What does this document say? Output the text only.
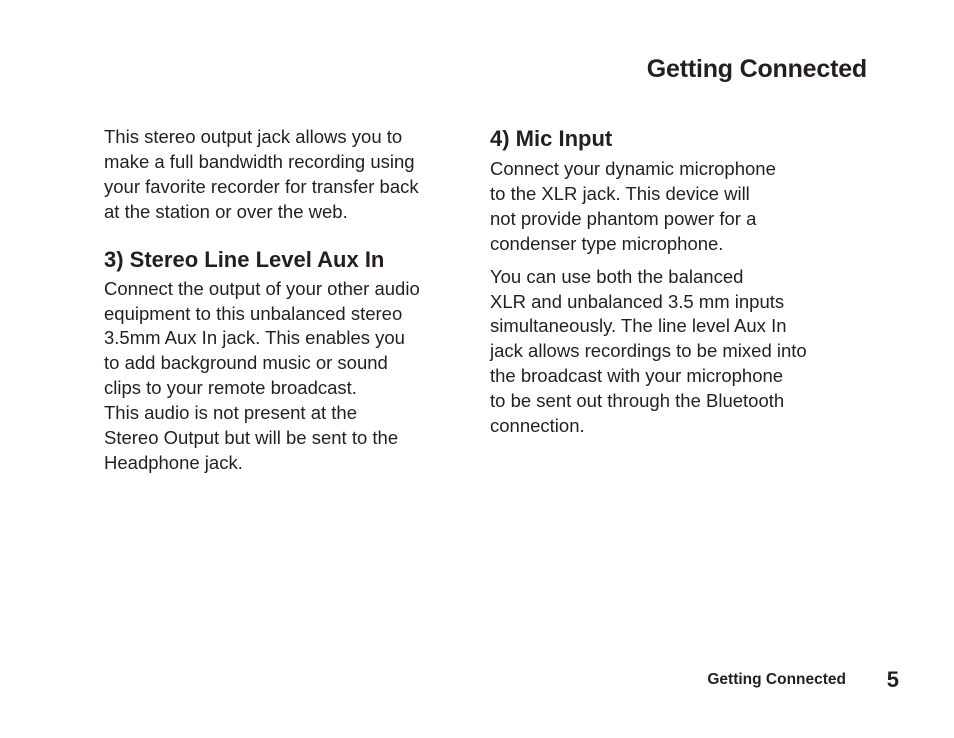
Getting Connected

This stereo output jack allows you to
make a full bandwidth recording using
your favorite recorder for transfer back
at the station or over the web.

3) Stereo Line Level Aux In

Connect the output of your other audio
equipment to this unbalanced stereo
3.5mm Aux In jack. This enables you
to add background music or sound
clips to your remote broadcast.
This audio is not present at the
Stereo Output but will be sent to the
Headphone jack.

4) Mic Input

Connect your dynamic microphone
to the XLR jack. This device will
not provide phantom power for a
condenser type microphone.

You can use both the balanced
XLR and unbalanced 3.5 mm inputs
simultaneously. The line level Aux In
jack allows recordings to be mixed into
the broadcast with your microphone
to be sent out through the Bluetooth
connection.

Getting Connected 5
